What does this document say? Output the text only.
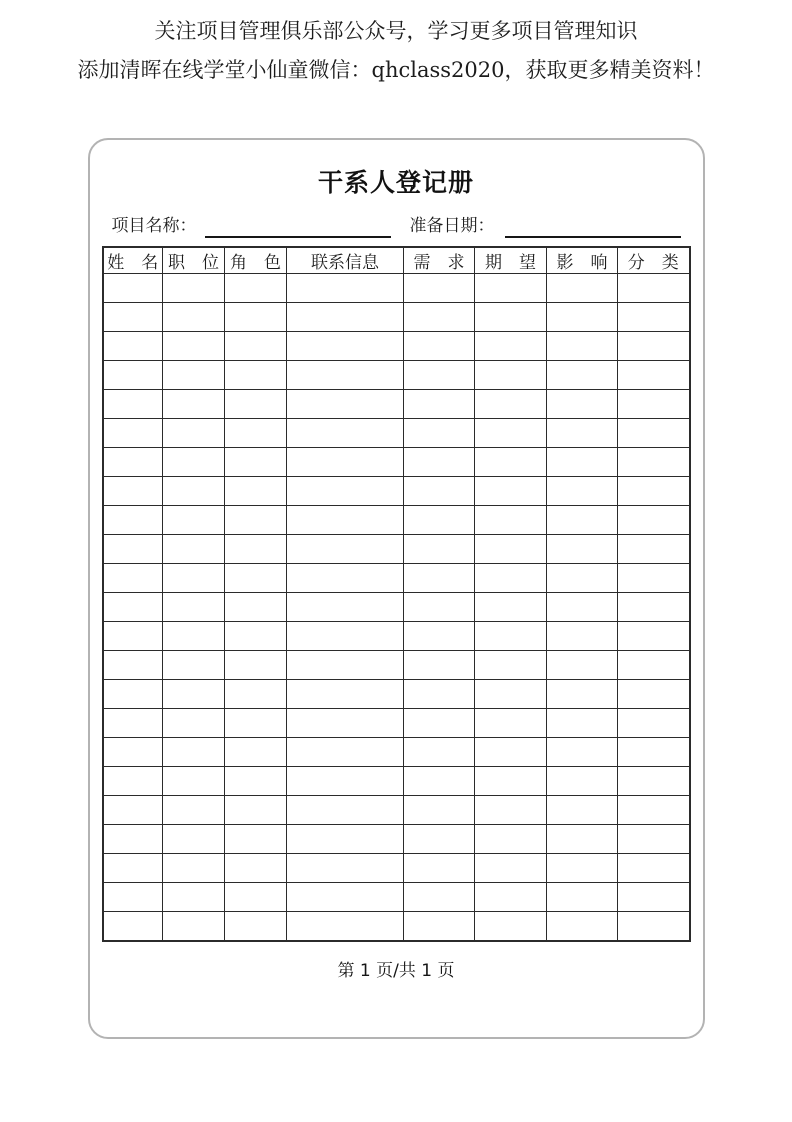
关注项目管理俱乐部公众号，学习更多项目管理知识
添加清晖在线学堂小仙童微信：qhclass2020，获取更多精美资料！
干系人登记册
项目名称：	准备日期：
姓　名	职　位	角　色	联系信息	需　求	期　望	影　响	分　类

第 1 页/共 1 页
